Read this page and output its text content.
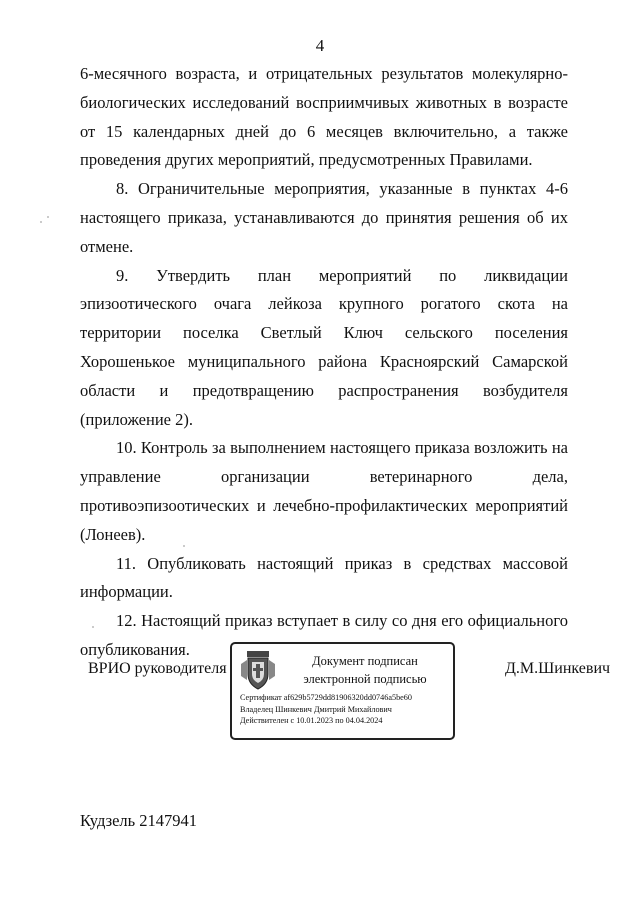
4

6-месячного возраста, и отрицательных результатов молекулярно-биологических исследований восприимчивых животных в возрасте от 15 календарных дней до 6 месяцев включительно, а также проведения других мероприятий, предусмотренных Правилами.

8. Ограничительные мероприятия, указанные в пунктах 4-6 настоящего приказа, устанавливаются до принятия решения об их отмене.

9. Утвердить план мероприятий по ликвидации эпизоотического очага лейкоза крупного рогатого скота на территории поселка Светлый Ключ сельского поселения Хорошенькое муниципального района Красноярский Самарской области и предотвращению распространения возбудителя (приложение 2).

10. Контроль за выполнением настоящего приказа возложить на управление организации ветеринарного дела, противоэпизоотических и лечебно-профилактических мероприятий (Лонеев).

11. Опубликовать настоящий приказ в средствах массовой информации.

12. Настоящий приказ вступает в силу со дня его официального опубликования.

ВРИО руководителя	Документ подписан
электронной подписью
Сертификат af629b5729dd81906320dd0746a5be60
Владелец Шинкевич Дмитрий Михайлович
Действителен с 10.01.2023 по 04.04.2024
Д.М.Шинкевич
Кудзель 2147941
